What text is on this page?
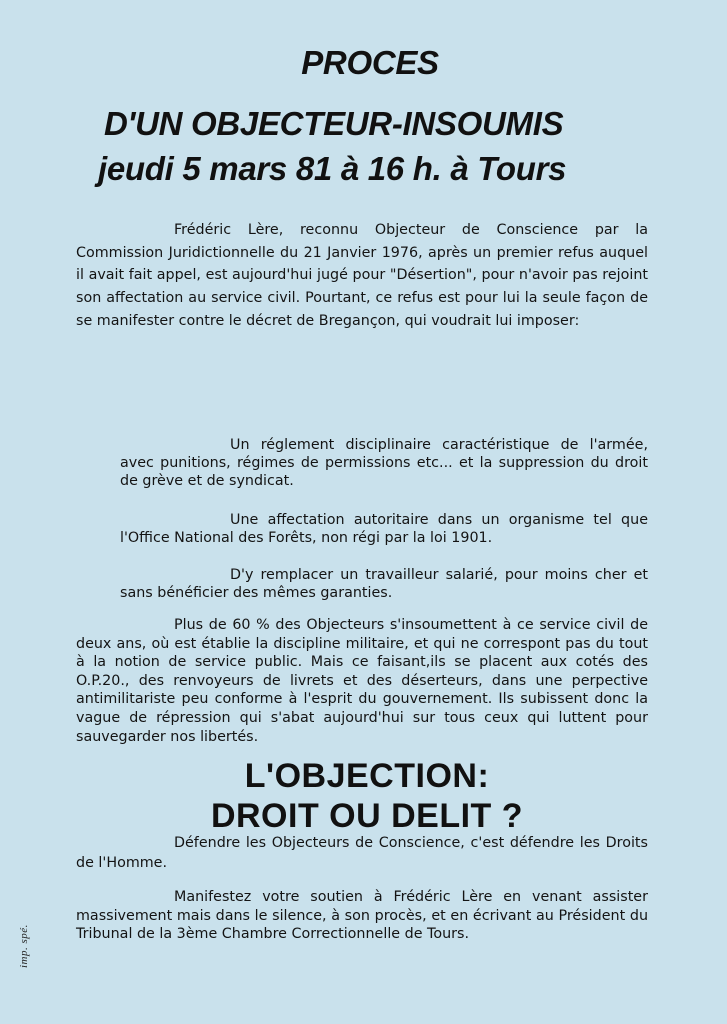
PROCES
D'UN OBJECTEUR-INSOUMIS
jeudi 5 mars 81 à 16 h. à Tours

Frédéric Lère, reconnu Objecteur de Conscience par la Commission Juridictionnelle du 21 Janvier 1976, après un premier refus auquel il avait fait appel, est aujourd'hui jugé pour "Désertion", pour n'avoir pas rejoint son affectation au service civil. Pourtant, ce refus est pour lui la seule façon de se manifester contre le décret de Bregançon, qui voudrait lui imposer:

Un réglement disciplinaire caractéristique de l'armée, avec punitions, régimes de permissions etc... et la suppression du droit de grève et de syndicat.

Une affectation autoritaire dans un organisme tel que l'Office National des Forêts, non régi par la loi 1901.

D'y remplacer un travailleur salarié, pour moins cher et sans bénéficier des mêmes garanties.

Plus de 60 % des Objecteurs s'insoumettent à ce service civil de deux ans, où est établie la discipline militaire, et qui ne correspont pas du tout à la notion de service public. Mais ce faisant,ils se placent aux cotés des O.P.20., des renvoyeurs de livrets et des déserteurs, dans une perpective antimilitariste peu conforme à l'esprit du gouvernement. Ils subissent donc la vague de répression qui s'abat aujourd'hui sur tous ceux qui luttent pour sauvegarder nos libertés.

L'OBJECTION:
DROIT OU DELIT ?

Défendre les Objecteurs de Conscience, c'est défendre les Droits de l'Homme.

Manifestez votre soutien à Frédéric Lère en venant assister massivement mais dans le silence, à son procès, et en écrivant au Président du Tribunal de la 3ème Chambre Correctionnelle de Tours.

imp. spé.
